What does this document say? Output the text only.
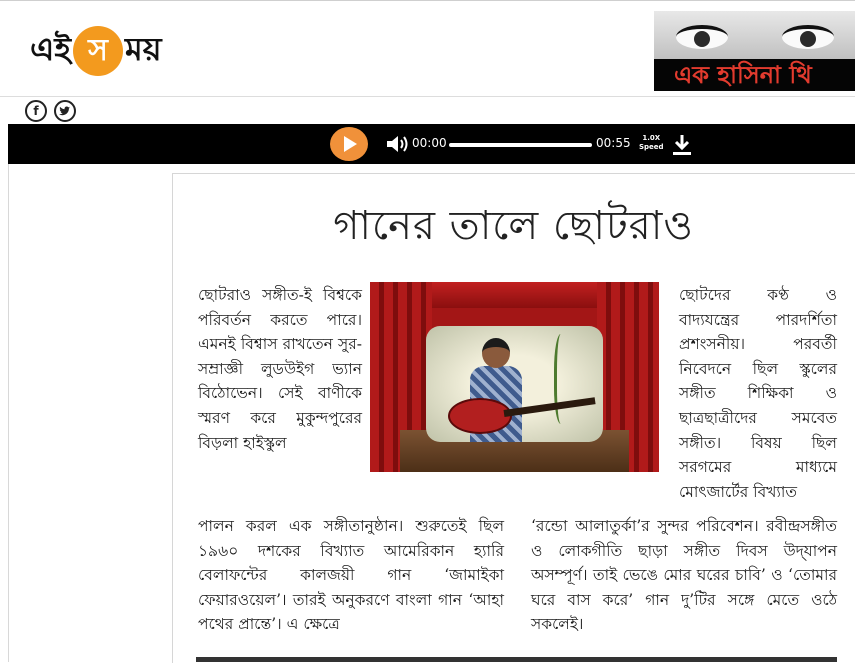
এই স ময়
এক হাসিনা থি
f
00:00	00:55	1.0X
Speed
গানের তালে ছোটরাও
ছোটরাও সঙ্গীত-ই বিশ্বকে পরিবর্তন করতে পারে। এমনই বিশ্বাস রাখতেন সুর-সম্রাজ্ঞী লুডউইগ ভ্যান বিঠোভেন। সেই বাণীকে স্মরণ করে মুকুন্দপুরের বিড়লা হাইস্কুল
ছোটদের কণ্ঠ ও বাদ্যযন্ত্রের পারদর্শিতা প্রশংসনীয়। পরবর্তী নিবেদনে ছিল স্কুলের সঙ্গীত শিক্ষিকা ও ছাত্রছাত্রীদের সমবেত সঙ্গীত। বিষয় ছিল সরগমের মাধ্যমে মোৎজার্টের বিখ্যাত
পালন করল এক সঙ্গীতানুষ্ঠান। শুরুতেই ছিল ১৯৬০ দশকের বিখ্যাত আমেরিকান হ্যারি বেলাফন্টের কালজয়ী গান ‘জামাইকা ফেয়ারওয়েল’। তারই অনুকরণে বাংলা গান ‘আহা পথের প্রান্তে’। এ ক্ষেত্রে
‘রন্ডো আলাতুর্কা’র সুন্দর পরিবেশন। রবীন্দ্রসঙ্গীত ও লোকগীতি ছাড়া সঙ্গীত দিবস উদ্‌যাপন অসম্পূর্ণ। তাই ভেঙে মোর ঘরের চাবি’ ও ‘তোমার ঘরে বাস করে’ গান দু’টির সঙ্গে মেতে ওঠে সকলেই।
